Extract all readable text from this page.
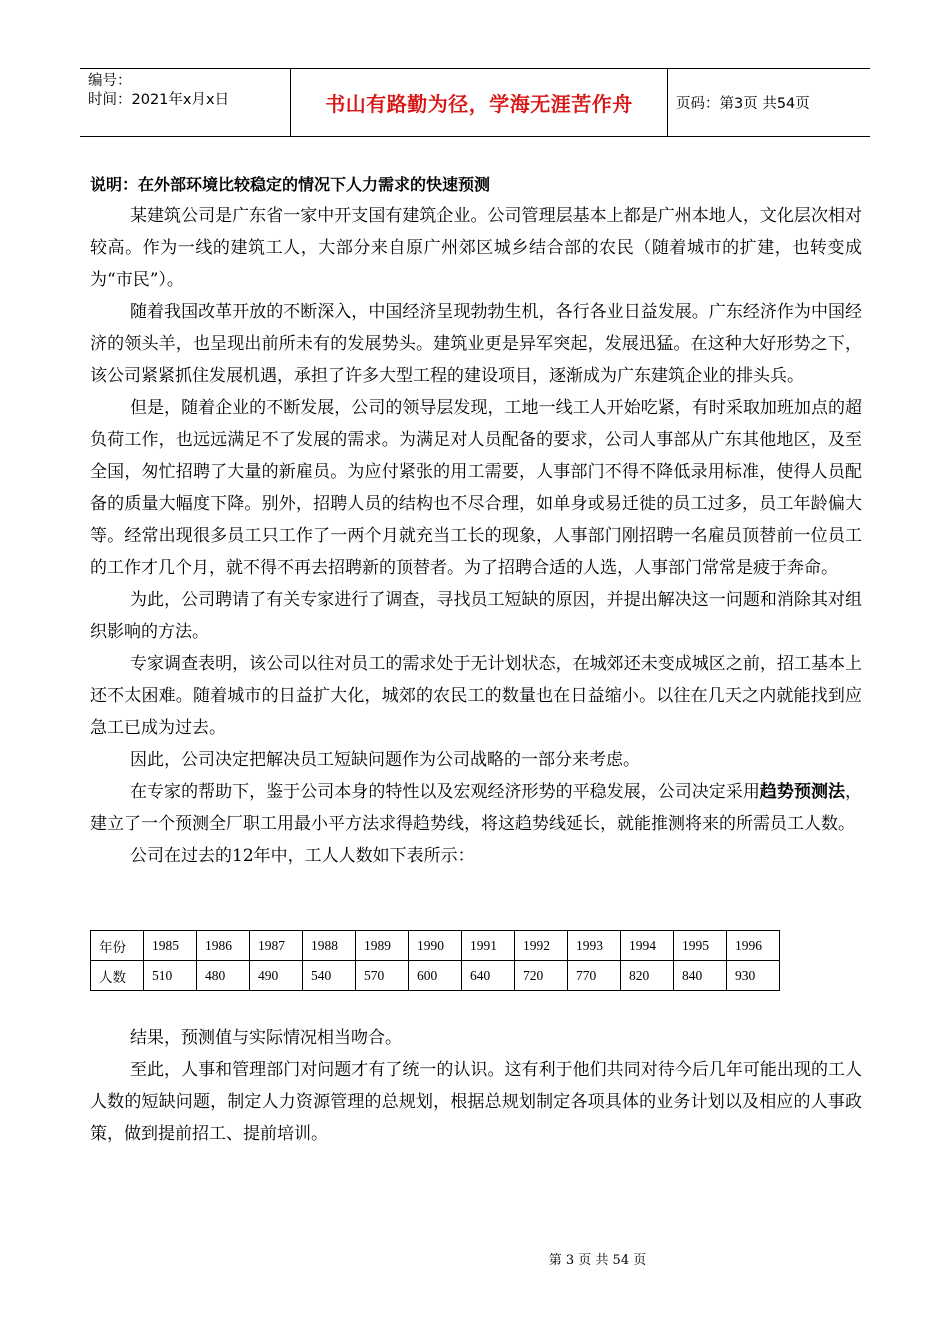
编号：
时间：2021年x月x日	书山有路勤为径，学海无涯苦作舟	页码：第3页 共54页
说明：在外部环境比较稳定的情况下人力需求的快速预测

某建筑公司是广东省一家中开支国有建筑企业。公司管理层基本上都是广州本地人，文化层次相对较高。作为一线的建筑工人，大部分来自原广州郊区城乡结合部的农民（随着城市的扩建，也转变成为“市民”）。

随着我国改革开放的不断深入，中国经济呈现勃勃生机，各行各业日益发展。广东经济作为中国经济的领头羊，也呈现出前所未有的发展势头。建筑业更是异军突起，发展迅猛。在这种大好形势之下，该公司紧紧抓住发展机遇，承担了许多大型工程的建设项目，逐渐成为广东建筑企业的排头兵。

但是，随着企业的不断发展，公司的领导层发现，工地一线工人开始吃紧，有时采取加班加点的超负荷工作，也远远满足不了发展的需求。为满足对人员配备的要求，公司人事部从广东其他地区，及至全国，匆忙招聘了大量的新雇员。为应付紧张的用工需要，人事部门不得不降低录用标准，使得人员配备的质量大幅度下降。别外，招聘人员的结构也不尽合理，如单身或易迁徙的员工过多，员工年龄偏大等。经常出现很多员工只工作了一两个月就充当工长的现象，人事部门刚招聘一名雇员顶替前一位员工的工作才几个月，就不得不再去招聘新的顶替者。为了招聘合适的人选，人事部门常常是疲于奔命。

为此，公司聘请了有关专家进行了调查，寻找员工短缺的原因，并提出解决这一问题和消除其对组织影响的方法。

专家调查表明，该公司以往对员工的需求处于无计划状态，在城郊还未变成城区之前，招工基本上还不太困难。随着城市的日益扩大化，城郊的农民工的数量也在日益缩小。以往在几天之内就能找到应急工已成为过去。

因此，公司决定把解决员工短缺问题作为公司战略的一部分来考虑。

在专家的帮助下，鉴于公司本身的特性以及宏观经济形势的平稳发展，公司决定采用趋势预测法，建立了一个预测全厂职工用最小平方法求得趋势线，将这趋势线延长，就能推测将来的所需员工人数。

公司在过去的12年中，工人人数如下表所示：

年份	1985	1986	1987	1988	1989	1990	1991	1992	1993	1994	1995	1996
人数	510	480	490	540	570	600	640	720	770	820	840	930

结果，预测值与实际情况相当吻合。

至此，人事和管理部门对问题才有了统一的认识。这有利于他们共同对待今后几年可能出现的工人人数的短缺问题，制定人力资源管理的总规划，根据总规划制定各项具体的业务计划以及相应的人事政策，做到提前招工、提前培训。

第 3 页 共 54 页
